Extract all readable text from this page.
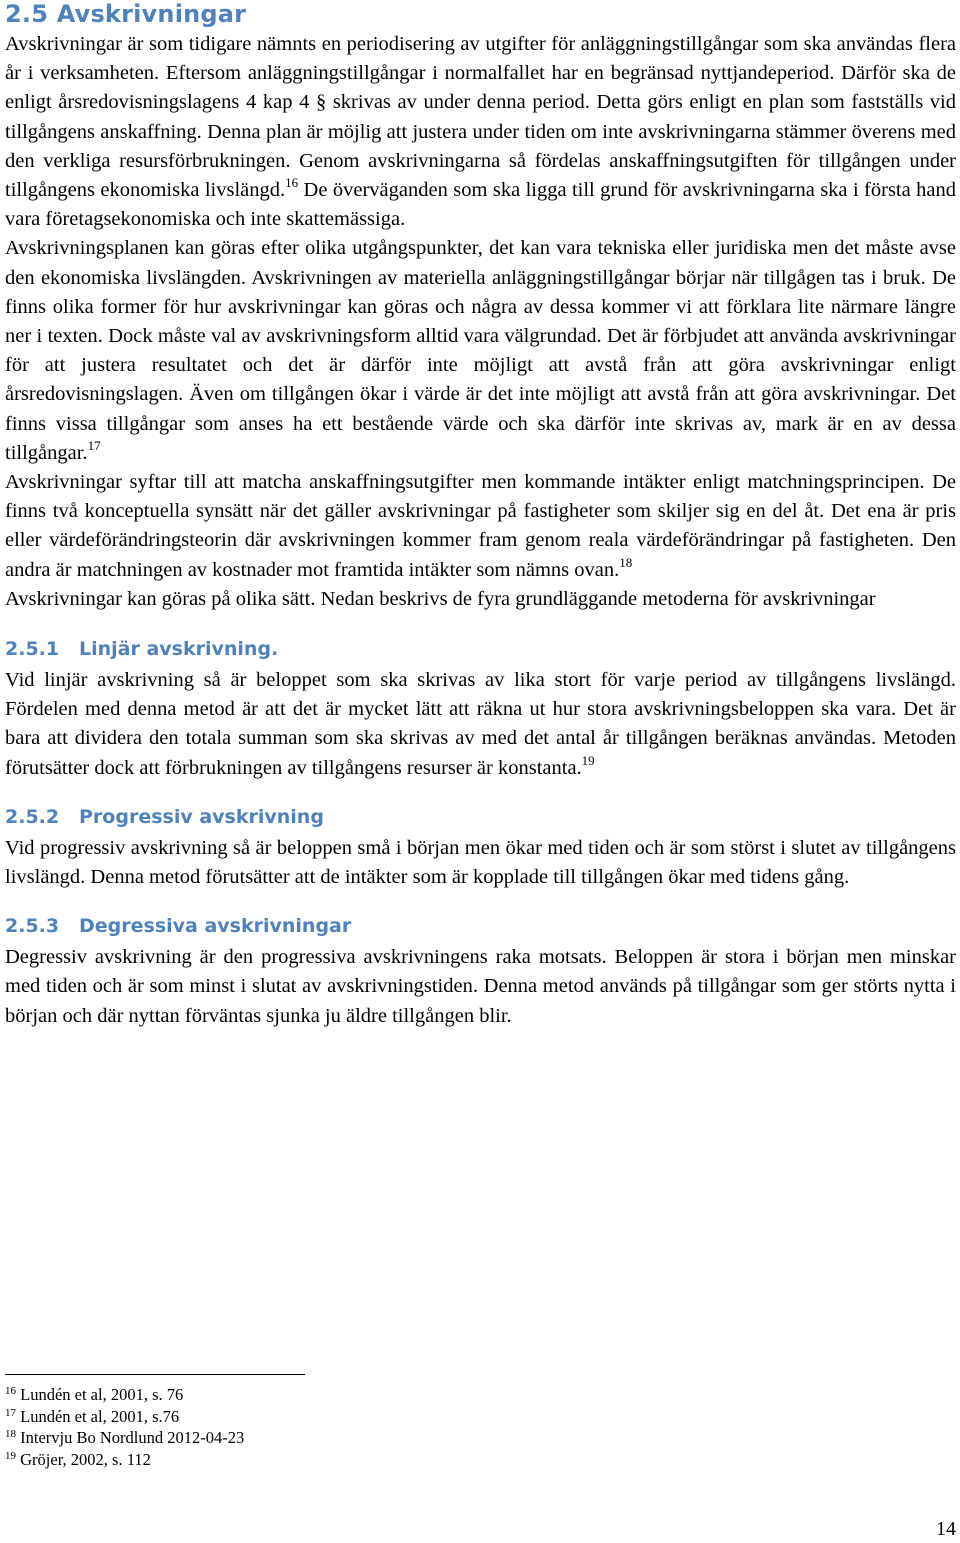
2.5 Avskrivningar

Avskrivningar är som tidigare nämnts en periodisering av utgifter för anläggningstillgångar som ska användas flera år i verksamheten. Eftersom anläggningstillgångar i normalfallet har en begränsad nyttjandeperiod. Därför ska de enligt årsredovisningslagens 4 kap 4 § skrivas av under denna period. Detta görs enligt en plan som fastställs vid tillgångens anskaffning. Denna plan är möjlig att justera under tiden om inte avskrivningarna stämmer överens med den verkliga resursförbrukningen. Genom avskrivningarna så fördelas anskaffningsutgiften för tillgången under tillgångens ekonomiska livslängd.$^{16}$ De överväganden som ska ligga till grund för avskrivningarna ska i första hand vara företagsekonomiska och inte skattemässiga.

Avskrivningsplanen kan göras efter olika utgångspunkter, det kan vara tekniska eller juridiska men det måste avse den ekonomiska livslängden. Avskrivningen av materiella anläggningstillgångar börjar när tillgågen tas i bruk. De finns olika former för hur avskrivningar kan göras och några av dessa kommer vi att förklara lite närmare längre ner i texten. Dock måste val av avskrivningsform alltid vara välgrundad. Det är förbjudet att använda avskrivningar för att justera resultatet och det är därför inte möjligt att avstå från att göra avskrivningar enligt årsredovisningslagen. Även om tillgången ökar i värde är det inte möjligt att avstå från att göra avskrivningar. Det finns vissa tillgångar som anses ha ett bestående värde och ska därför inte skrivas av, mark är en av dessa tillgångar.$^{17}$

Avskrivningar syftar till att matcha anskaffningsutgifter men kommande intäkter enligt matchningsprincipen. De finns två konceptuella synsätt när det gäller avskrivningar på fastigheter som skiljer sig en del åt. Det ena är pris eller värdeförändringsteorin där avskrivningen kommer fram genom reala värdeförändringar på fastigheten. Den andra är matchningen av kostnader mot framtida intäkter som nämns ovan.$^{18}$

Avskrivningar kan göras på olika sätt. Nedan beskrivs de fyra grundläggande metoderna för avskrivningar

2.5.1 Linjär avskrivning.

Vid linjär avskrivning så är beloppet som ska skrivas av lika stort för varje period av tillgångens livslängd. Fördelen med denna metod är att det är mycket lätt att räkna ut hur stora avskrivningsbeloppen ska vara. Det är bara att dividera den totala summan som ska skrivas av med det antal år tillgången beräknas användas. Metoden förutsätter dock att förbrukningen av tillgångens resurser är konstanta.$^{19}$

2.5.2 Progressiv avskrivning

Vid progressiv avskrivning så är beloppen små i början men ökar med tiden och är som störst i slutet av tillgångens livslängd. Denna metod förutsätter att de intäkter som är kopplade till tillgången ökar med tidens gång.

2.5.3 Degressiva avskrivningar

Degressiv avskrivning är den progressiva avskrivningens raka motsats. Beloppen är stora i början men minskar med tiden och är som minst i slutat av avskrivningstiden. Denna metod används på tillgångar som ger störts nytta i början och där nyttan förväntas sjunka ju äldre tillgången blir.

$^{16}$ Lundén et al, 2001, s. 76
$^{17}$ Lundén et al, 2001, s.76
$^{18}$ Intervju Bo Nordlund 2012-04-23
$^{19}$ Gröjer, 2002, s. 112
14
